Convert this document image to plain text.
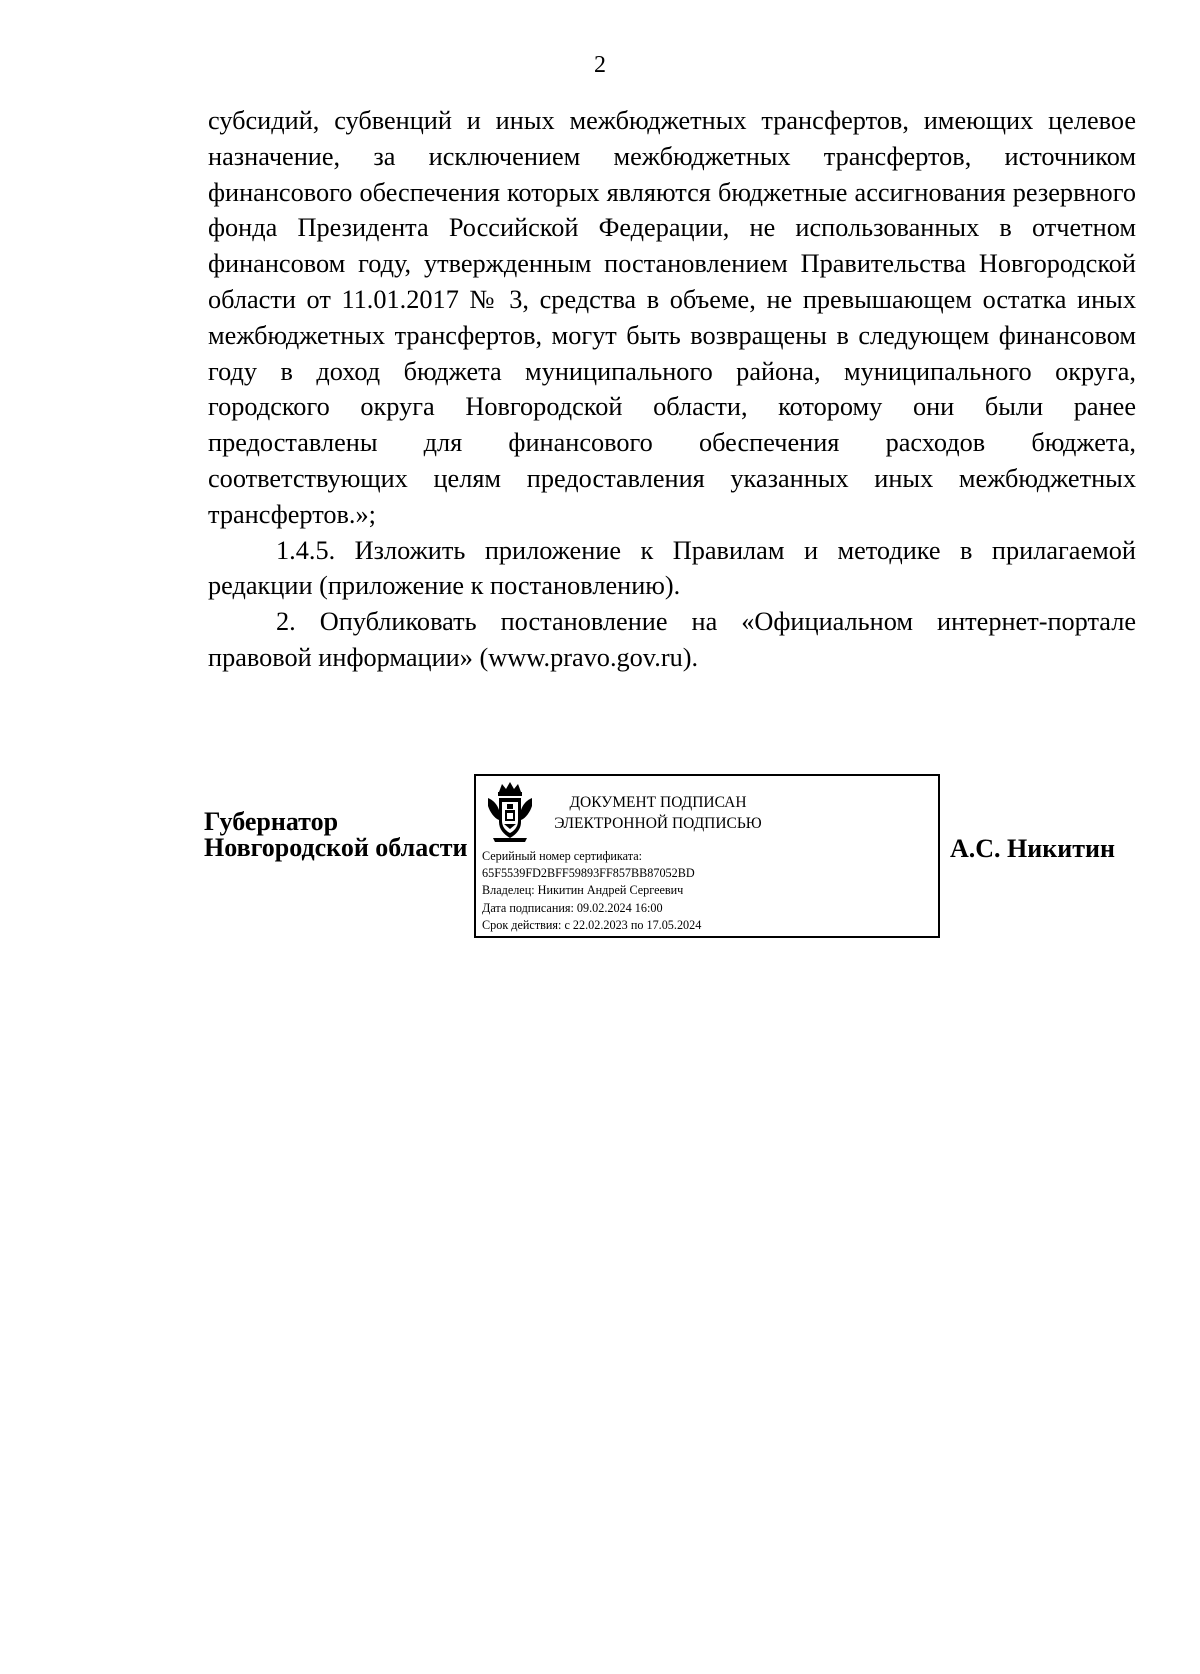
2

субсидий, субвенций и иных межбюджетных трансфертов, имеющих целевое назначение, за исключением межбюджетных трансфертов, источником финансового обеспечения которых являются бюджетные ассигнования резервного фонда Президента Российской Федерации, не использованных в отчетном финансовом году, утвержденным постановлением Правительства Новгородской области от 11.01.2017 № 3, средства в объеме, не превышающем остатка иных межбюджетных трансфертов, могут быть возвращены в следующем финансовом году в доход бюджета муниципального района, муниципального округа, городского округа Новгородской области, которому они были ранее предоставлены для финансового обеспечения расходов бюджета, соответствующих целям предоставления указанных иных межбюджетных трансфертов.»;

1.4.5. Изложить приложение к Правилам и методике в прилагаемой редакции (приложение к постановлению).

2. Опубликовать постановление на «Официальном интернет-портале правовой информации» (www.pravo.gov.ru).

Губернатор
Новгородской области
ДОКУМЕНТ ПОДПИСАН
ЭЛЕКТРОННОЙ ПОДПИСЬЮ
Серийный номер сертификата:
65F5539FD2BFF59893FF857BB87052BD
Владелец: Никитин Андрей Сергеевич
Дата подписания: 09.02.2024 16:00
Срок действия: с 22.02.2023 по 17.05.2024
А.С. Никитин
